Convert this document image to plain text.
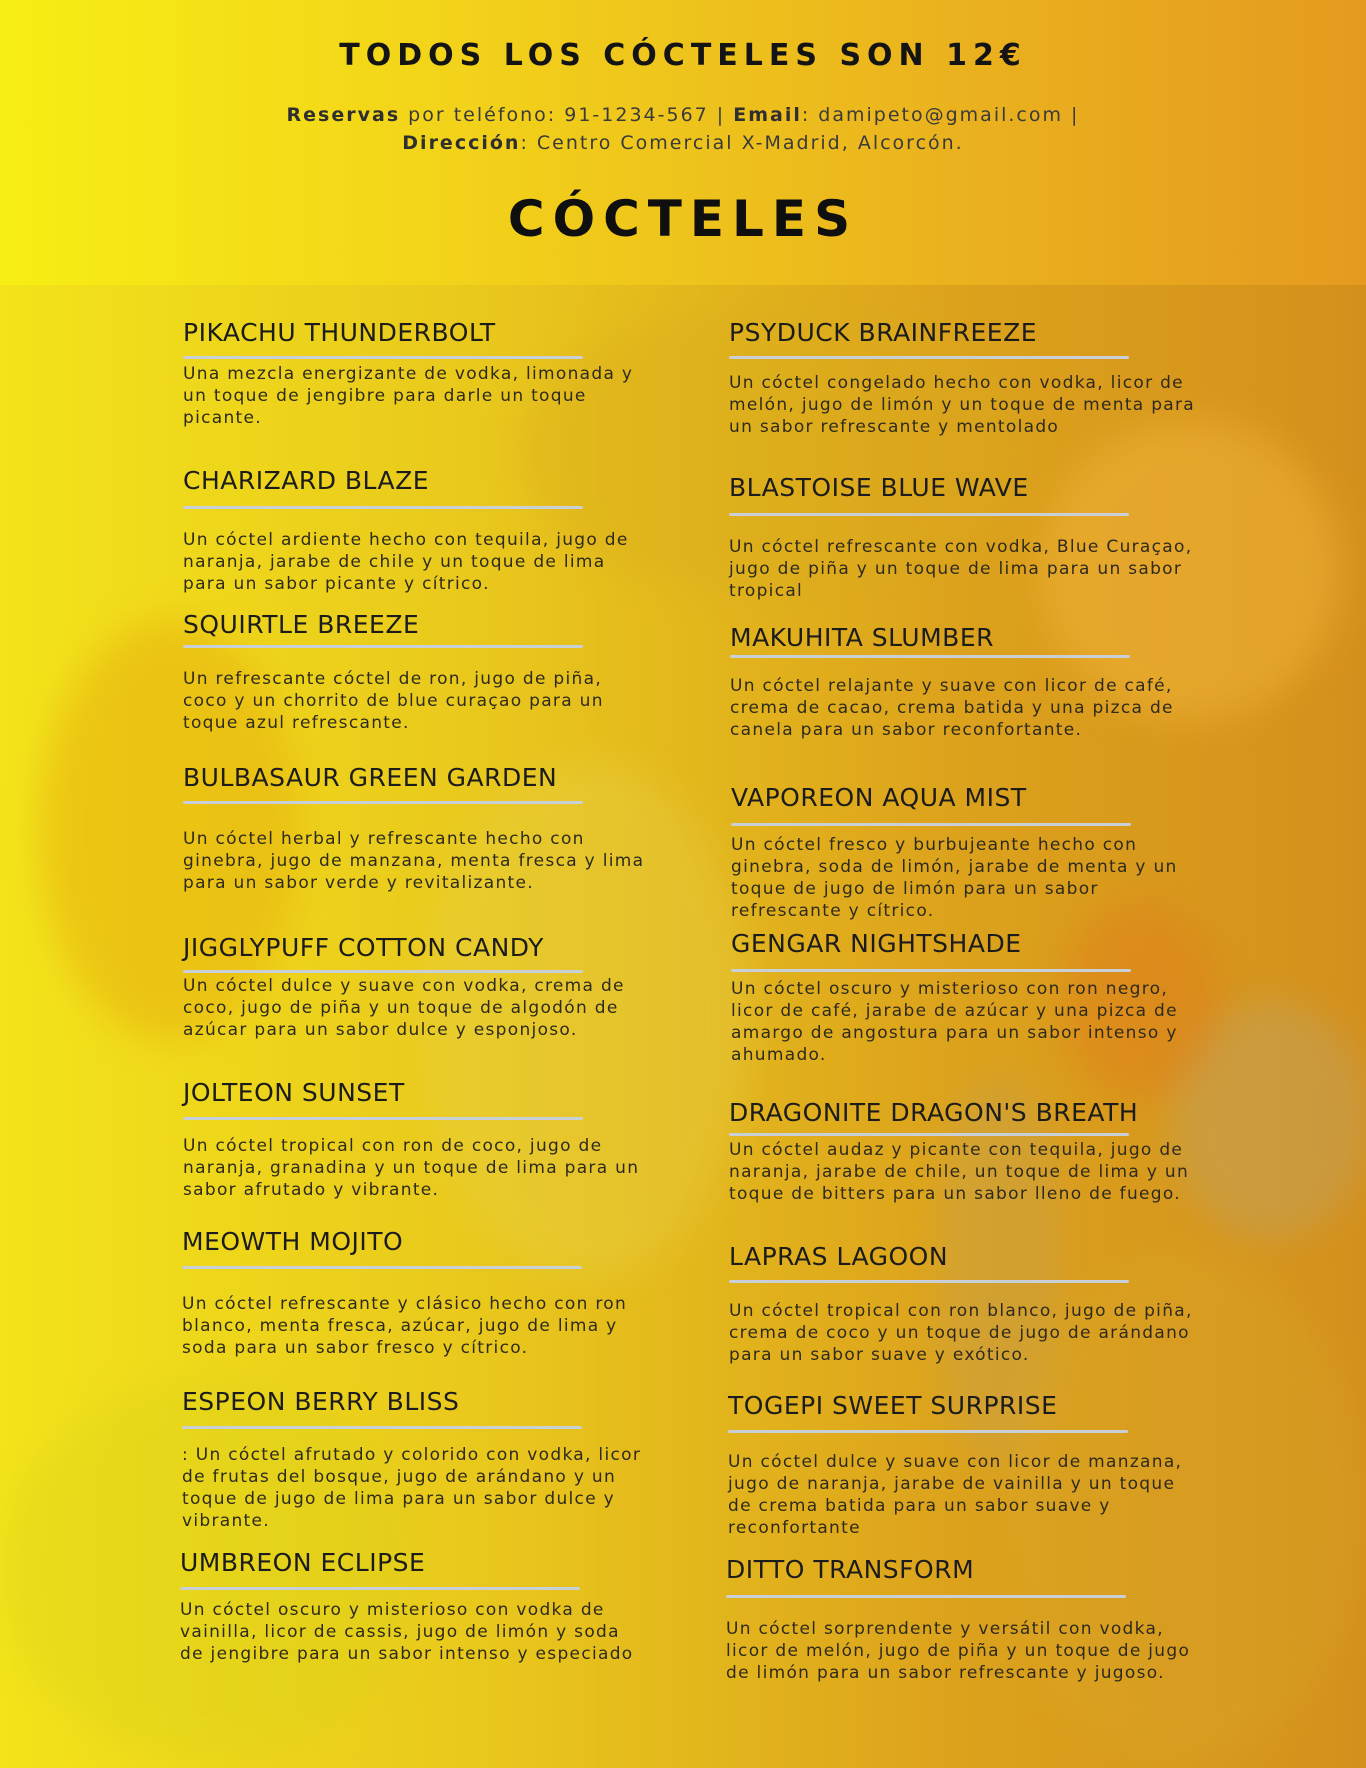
TODOS LOS CÓCTELES SON 12€
Reservas por teléfono: 91-1234-567 | Email: damipeto@gmail.com |
Dirección: Centro Comercial X-Madrid, Alcorcón.
CÓCTELES
PIKACHU THUNDERBOLT
Una mezcla energizante de vodka, limonada y un toque de jengibre para darle un toque picante.
CHARIZARD BLAZE
Un cóctel ardiente hecho con tequila, jugo de naranja, jarabe de chile y un toque de lima para un sabor picante y cítrico.
SQUIRTLE BREEZE
Un refrescante cóctel de ron, jugo de piña, coco y un chorrito de blue curaçao para un toque azul refrescante.
BULBASAUR GREEN GARDEN
Un cóctel herbal y refrescante hecho con ginebra, jugo de manzana, menta fresca y lima para un sabor verde y revitalizante.
JIGGLYPUFF COTTON CANDY
Un cóctel dulce y suave con vodka, crema de coco, jugo de piña y un toque de algodón de azúcar para un sabor dulce y esponjoso.
JOLTEON SUNSET
Un cóctel tropical con ron de coco, jugo de naranja, granadina y un toque de lima para un sabor afrutado y vibrante.
MEOWTH MOJITO
Un cóctel refrescante y clásico hecho con ron blanco, menta fresca, azúcar, jugo de lima y soda para un sabor fresco y cítrico.
ESPEON BERRY BLISS
: Un cóctel afrutado y colorido con vodka, licor de frutas del bosque, jugo de arándano y un toque de jugo de lima para un sabor dulce y vibrante.
UMBREON ECLIPSE
Un cóctel oscuro y misterioso con vodka de vainilla, licor de cassis, jugo de limón y soda de jengibre para un sabor intenso y especiado
PSYDUCK BRAINFREEZE
Un cóctel congelado hecho con vodka, licor de melón, jugo de limón y un toque de menta para un sabor refrescante y mentolado
BLASTOISE BLUE WAVE
Un cóctel refrescante con vodka, Blue Curaçao, jugo de piña y un toque de lima para un sabor tropical
MAKUHITA SLUMBER
Un cóctel relajante y suave con licor de café, crema de cacao, crema batida y una pizca de canela para un sabor reconfortante.
VAPOREON AQUA MIST
Un cóctel fresco y burbujeante hecho con ginebra, soda de limón, jarabe de menta y un toque de jugo de limón para un sabor refrescante y cítrico.
GENGAR NIGHTSHADE
Un cóctel oscuro y misterioso con ron negro, licor de café, jarabe de azúcar y una pizca de amargo de angostura para un sabor intenso y ahumado.
DRAGONITE DRAGON'S BREATH
Un cóctel audaz y picante con tequila, jugo de naranja, jarabe de chile, un toque de lima y un toque de bitters para un sabor lleno de fuego.
LAPRAS LAGOON
Un cóctel tropical con ron blanco, jugo de piña, crema de coco y un toque de jugo de arándano para un sabor suave y exótico.
TOGEPI SWEET SURPRISE
Un cóctel dulce y suave con licor de manzana, jugo de naranja, jarabe de vainilla y un toque de crema batida para un sabor suave y reconfortante
DITTO TRANSFORM
Un cóctel sorprendente y versátil con vodka, licor de melón, jugo de piña y un toque de jugo de limón para un sabor refrescante y jugoso.
